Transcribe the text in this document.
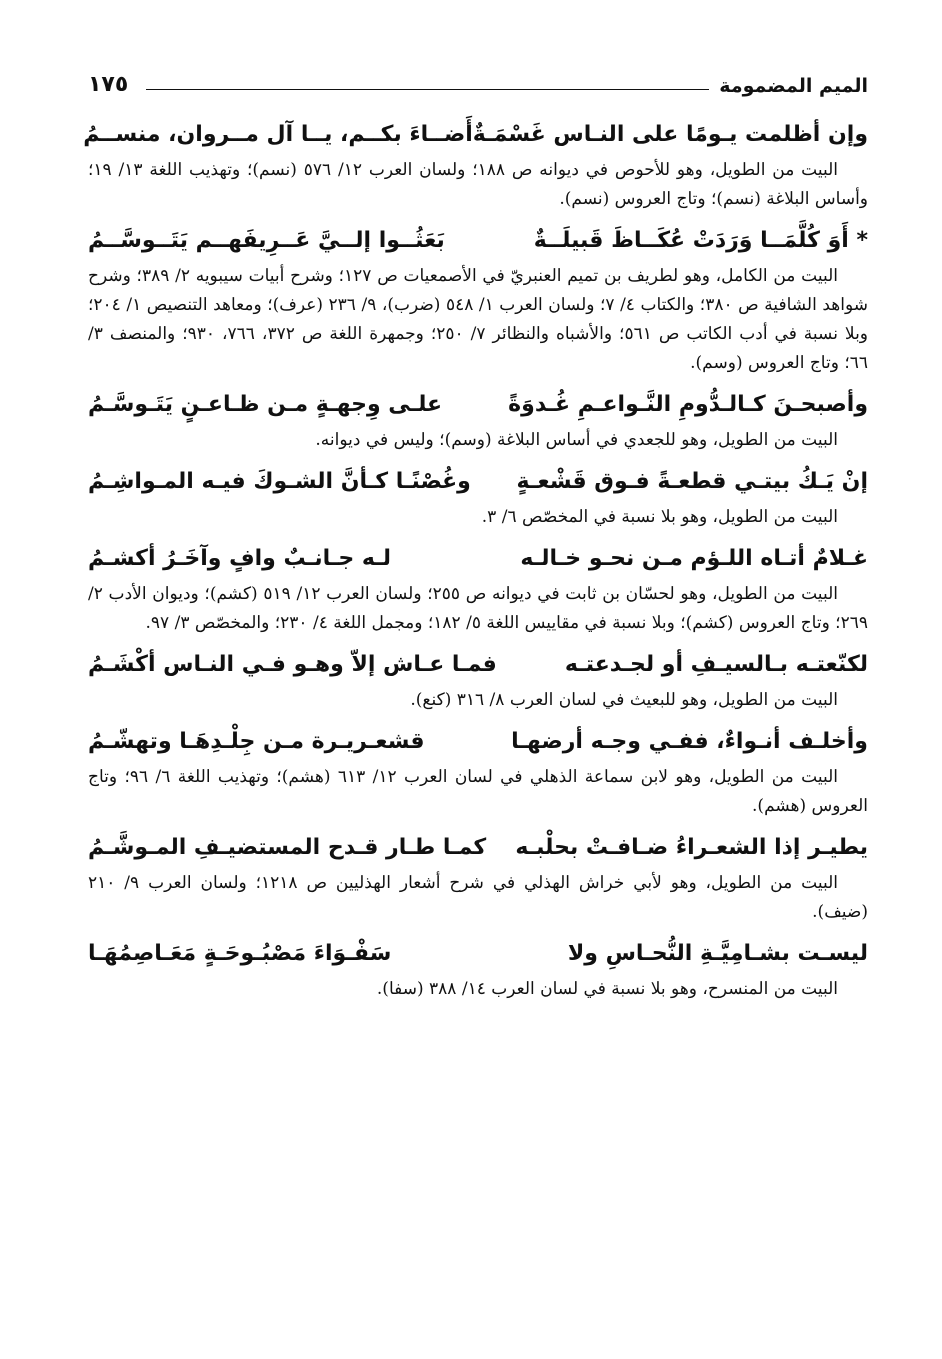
الميم المضمومة
١٧٥
وإن أظلمت يـومًا على النـاس غَسْمَـةٌ
أَضــاءَ بكــم، يــا آل مــروان، منســمُ

البيت من الطويل، وهو للأحوص في ديوانه ص ١٨٨؛ ولسان العرب ١٢/ ٥٧٦ (نسم)؛ وتهذيب اللغة ١٣/ ١٩؛ وأساس البلاغة (نسم)؛ وتاج العروس (نسم).

* أَوَ كُلَّمَــا وَرَدَتْ عُكَــاظَ قَبيلَــةٌ
بَعَثُــوا إلــيَّ عَــرِيفَهــم يَتَــوسَّــمُ

البيت من الكامل، وهو لطريف بن تميم العنبريّ في الأصمعيات ص ١٢٧؛ وشرح أبيات سيبويه ٢/ ٣٨٩؛ وشرح شواهد الشافية ص ٣٨٠؛ والكتاب ٤/ ٧؛ ولسان العرب ١/ ٥٤٨ (ضرب)، ٩/ ٢٣٦ (عرف)؛ ومعاهد التنصيص ١/ ٢٠٤؛ وبلا نسبة في أدب الكاتب ص ٥٦١؛ والأشباه والنظائر ٧/ ٢٥٠؛ وجمهرة اللغة ص ٣٧٢، ٧٦٦، ٩٣٠؛ والمنصف ٣/ ٦٦؛ وتاج العروس (وسم).

وأصبحـنَ كـالـدُّومِ النَّـواعـمِ غُـدوَةً
علـى وِجهـةٍ مـن ظـاعـنٍ يَتَـوسَّـمُ

البيت من الطويل، وهو للجعدي في أساس البلاغة (وسم)؛ وليس في ديوانه.

إنْ يَـكُ بيتـي قطعـةً فـوق قَشْعـةٍ
وغُصْنًـا كـأنَّ الشـوكَ فيـه المـواشِـمُ

البيت من الطويل، وهو بلا نسبة في المخصّص ٦/ ٣.

غـلامٌ أتـاه اللـؤم مـن نحـو خـالـه
لـه جـانـبٌ وافٍ وآخَـرُ أكشـمُ

البيت من الطويل، وهو لحسّان بن ثابت في ديوانه ص ٢٥٥؛ ولسان العرب ١٢/ ٥١٩ (كشم)؛ وديوان الأدب ٢/ ٢٦٩؛ وتاج العروس (كشم)؛ وبلا نسبة في مقاييس اللغة ٥/ ١٨٢؛ ومجمل اللغة ٤/ ٢٣٠؛ والمخصّص ٣/ ٩٧.

لكنّعتـه بـالسيـفِ أو لجـدعتـه
فمـا عـاش إلاّ وهـو فـي النـاس أكْشَـمُ

البيت من الطويل، وهو للبعيث في لسان العرب ٨/ ٣١٦ (كنع).

وأخلـف أنـواءٌ، ففـي وجـه أرضهـا
قشعـريـرة مـن جِلْـدِهَـا وتهشّـمُ

البيت من الطويل، وهو لابن سماعة الذهلي في لسان العرب ١٢/ ٦١٣ (هشم)؛ وتهذيب اللغة ٦/ ٩٦؛ وتاج العروس (هشم).

يطيـر إذا الشعـراءُ ضـافـتْ بحلْبـه
كمـا طـار قـدح المستضيـفِ المـوشَّـمُ

البيت من الطويل، وهو لأبي خراش الهذلي في شرح أشعار الهذليين ص ١٢١٨؛ ولسان العرب ٩/ ٢١٠ (ضيف).

ليسـت بشـامِيَّـةِ النُّحـاسِ ولا
سَفْـوَاءَ مَصْبُـوحَـةٍ مَعَـاصِمُهَـا

البيت من المنسرح، وهو بلا نسبة في لسان العرب ١٤/ ٣٨٨ (سفا).
